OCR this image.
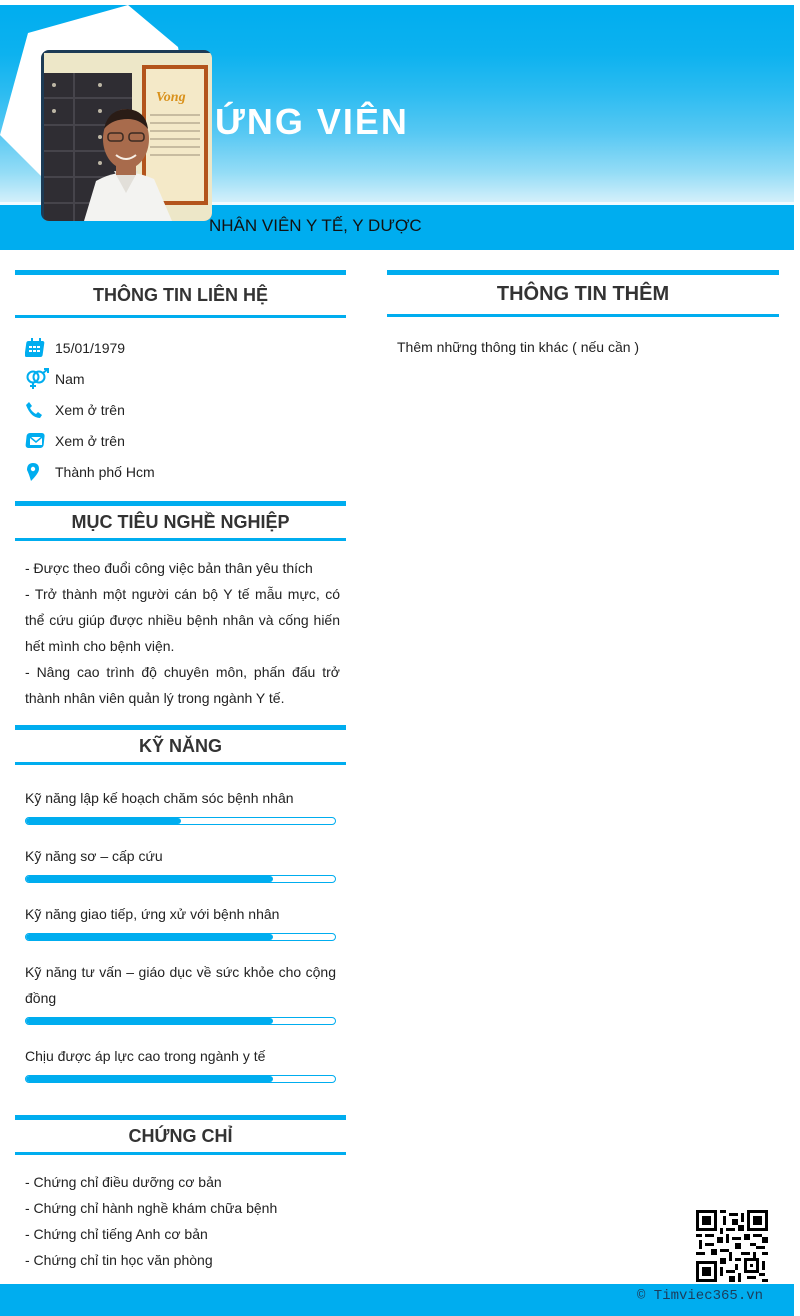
ỨNG VIÊN
Vong
NHÂN VIÊN Y TẾ, Y DƯỢC
THÔNG TIN LIÊN HỆ
15/01/1979
Nam
Xem ở trên
Xem ở trên
Thành phố Hcm
MỤC TIÊU NGHỀ NGHIỆP
- Được theo đuổi công việc bản thân yêu thích
- Trở thành một người cán bộ Y tế mẫu mực, có thể cứu giúp được nhiều bệnh nhân và cống hiến hết mình cho bệnh viện.
- Nâng cao trình độ chuyên môn, phấn đấu trở thành nhân viên quản lý trong ngành Y tế.
KỸ NĂNG
Kỹ năng lập kế hoạch chăm sóc bệnh nhân
Kỹ năng sơ – cấp cứu
Kỹ năng giao tiếp, ứng xử với bệnh nhân
Kỹ năng tư vấn – giáo dục về sức khỏe cho cộng đồng
Chịu được áp lực cao trong ngành y tế
CHỨNG CHỈ
- Chứng chỉ điều dưỡng cơ bản
- Chứng chỉ hành nghề khám chữa bệnh
- Chứng chỉ tiếng Anh cơ bản
- Chứng chỉ tin học văn phòng
THÔNG TIN THÊM
Thêm những thông tin khác ( nếu cần )
© Timviec365.vn
